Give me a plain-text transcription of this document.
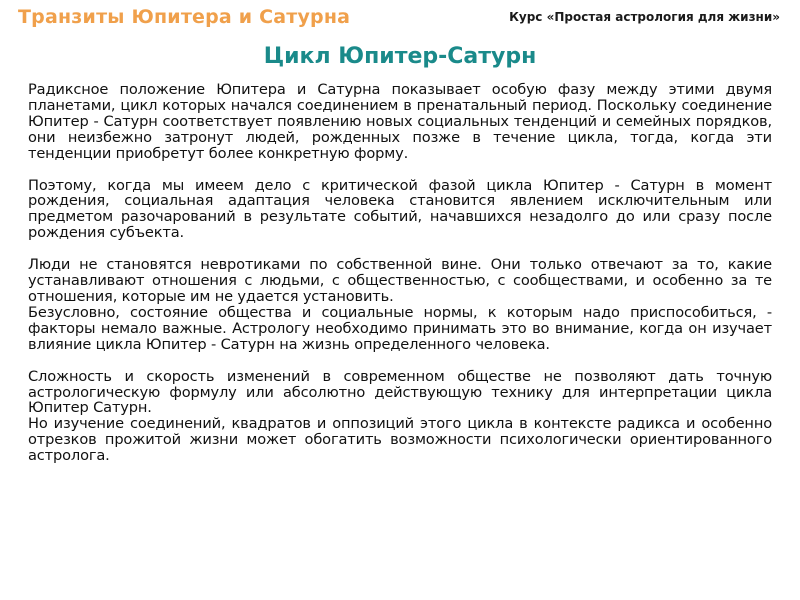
Транзиты Юпитера и Сатурна	Курс «Простая астрология для жизни»
Цикл Юпитер-Сатурн

Радиксное положение Юпитера и Сатурна показывает особую фазу между этими двумя планетами, цикл которых начался соединением в пренатальный период. Поскольку соединение Юпитер - Сатурн соответствует появлению новых социальных тенденций и семейных порядков, они неизбежно затронут людей, рожденных позже в течение цикла, тогда, когда эти тенденции приобретут более конкретную форму.

Поэтому, когда мы имеем дело с критической фазой цикла Юпитер - Сатурн в момент рождения, социальная адаптация человека становится явлением исключительным или предметом разочарований в результате событий, начавшихся незадолго до или сразу после рождения субъекта.

Люди не становятся невротиками по собственной вине. Они только отвечают за то, какие устанавливают отношения с людьми, с общественностью, с сообществами, и особенно за те отношения, которые им не удается установить.

Безусловно, состояние общества и социальные нормы, к которым надо приспособиться, - факторы немало важные. Астрологу необходимо принимать это во внимание, когда он изучает влияние цикла Юпитер - Сатурн на жизнь определенного человека.

Сложность и скорость изменений в современном обществе не позволяют дать точную астрологическую формулу или абсолютно действующую технику для интерпретации цикла Юпитер Сатурн.

Но изучение соединений, квадратов и оппозиций этого цикла в контексте радикса и особенно отрезков прожитой жизни может обогатить возможности психологически ориентированного астролога.
